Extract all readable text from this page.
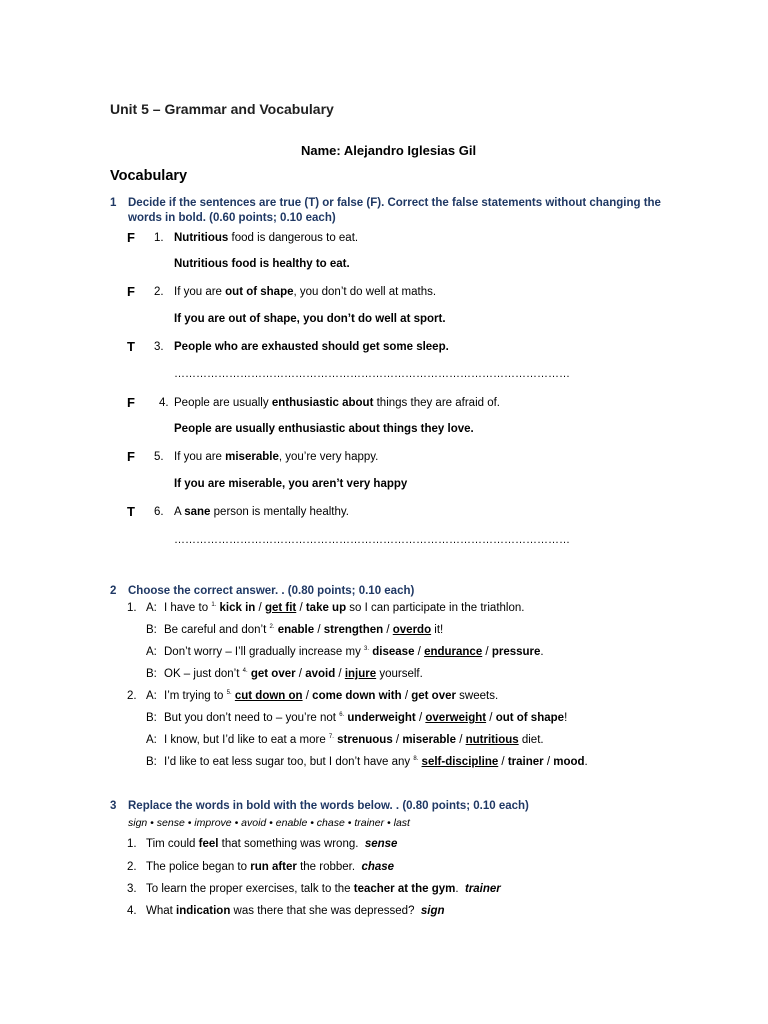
Unit 5 – Grammar and Vocabulary
Name: Alejandro Iglesias Gil
Vocabulary
1 Decide if the sentences are true (T) or false (F). Correct the false statements without changing the
words in bold. (0.60 points; 0.10 each)
F 1. Nutritious food is dangerous to eat.
Nutritious food is healthy to eat.
F 2. If you are out of shape, you don’t do well at maths.
If you are out of shape, you don’t do well at sport.
T 3. People who are exhausted should get some sleep.
………………………………………………………………………………………………
F 4. People are usually enthusiastic about things they are afraid of.
People are usually enthusiastic about things they love.
F 5. If you are miserable, you’re very happy.
If you are miserable, you aren’t very happy
T 6. A sane person is mentally healthy.
………………………………………………………………………………………………
2 Choose the correct answer. . (0.80 points; 0.10 each)
1. A: I have to $^{1.}$ kick in / get fit / take up so I can participate in the triathlon.
B: Be careful and don’t $^{2.}$ enable / strengthen / overdo it!
A: Don’t worry – I’ll gradually increase my $^{3.}$ disease / endurance / pressure.
B: OK – just don’t $^{4.}$ get over / avoid / injure yourself.
2. A: I’m trying to $^{5.}$ cut down on / come down with / get over sweets.
B: But you don’t need to – you’re not $^{6.}$ underweight / overweight / out of shape!
A: I know, but I’d like to eat a more $^{7.}$ strenuous / miserable / nutritious diet.
B: I’d like to eat less sugar too, but I don’t have any $^{8.}$ self-discipline / trainer / mood.
3 Replace the words in bold with the words below. . (0.80 points; 0.10 each)
sign • sense • improve • avoid • enable • chase • trainer • last
1. Tim could feel that something was wrong.  sense
2. The police began to run after the robber.  chase
3. To learn the proper exercises, talk to the teacher at the gym.  trainer
4. What indication was there that she was depressed?  sign
